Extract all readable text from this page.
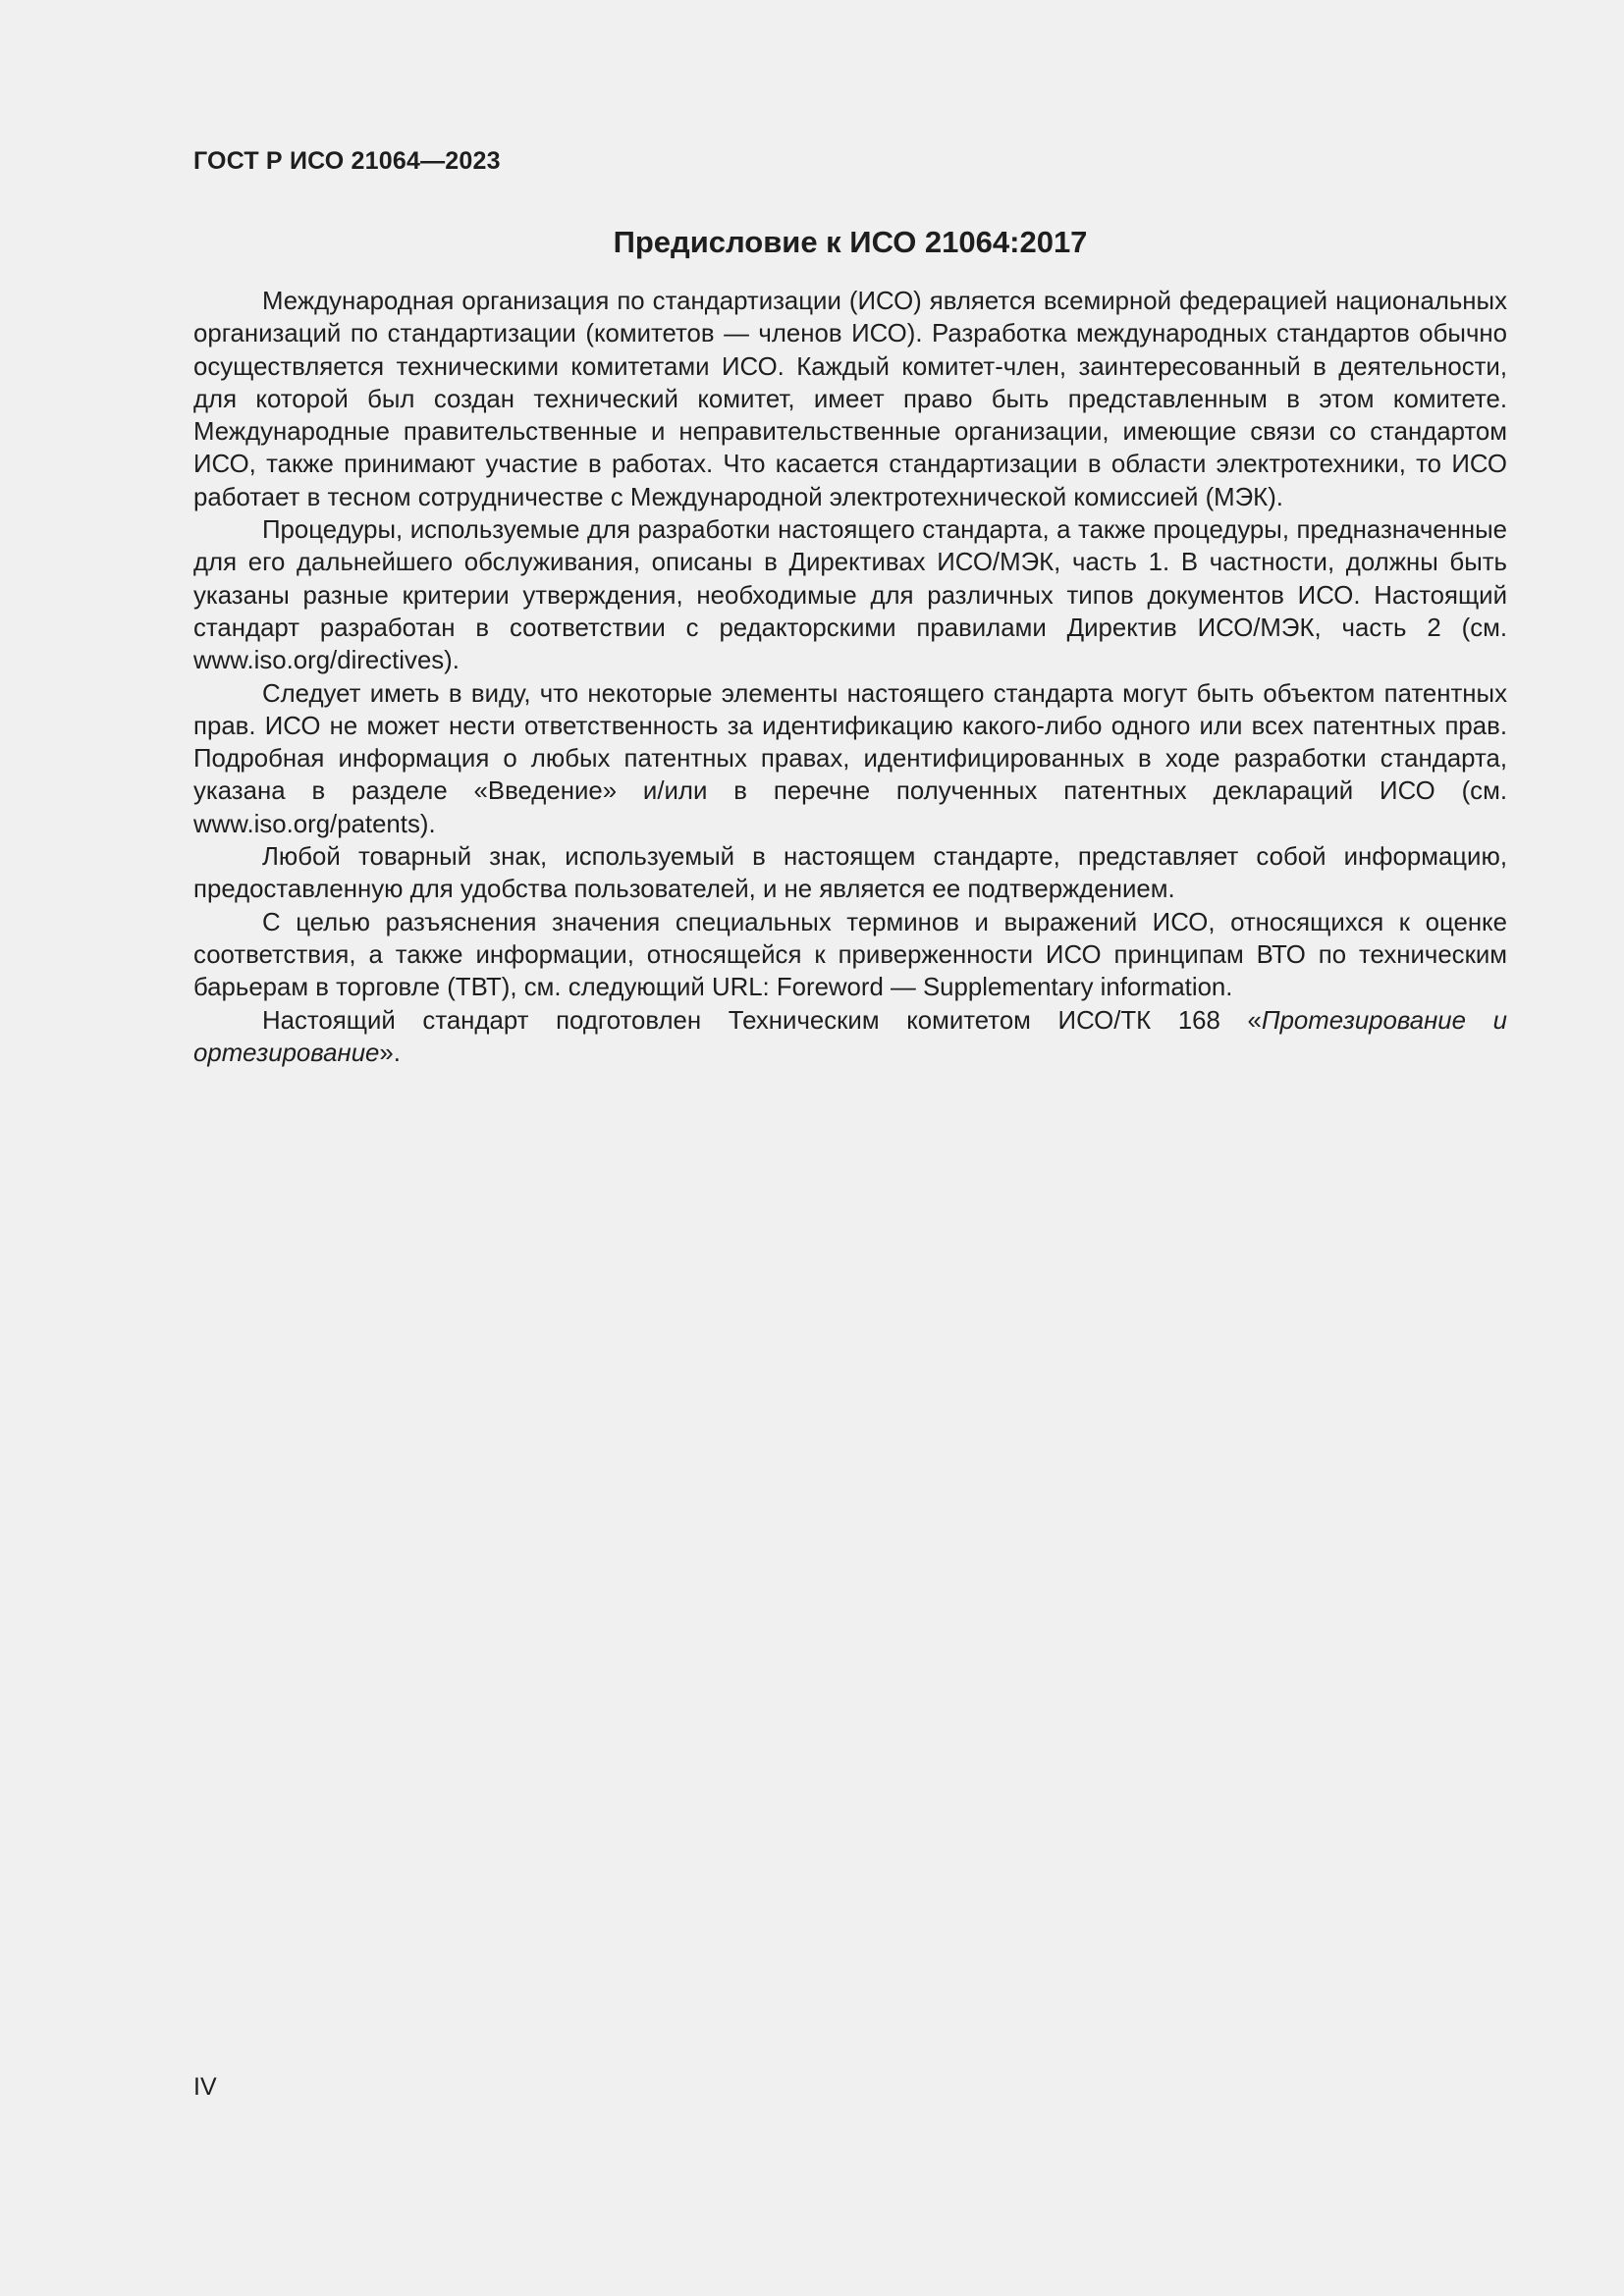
ГОСТ Р ИСО 21064—2023
Предисловие к ИСО 21064:2017

Международная организация по стандартизации (ИСО) является всемирной федерацией национальных организаций по стандартизации (комитетов — членов ИСО). Разработка международных стандартов обычно осуществляется техническими комитетами ИСО. Каждый комитет-член, заинтересованный в деятельности, для которой был создан технический комитет, имеет право быть представленным в этом комитете. Международные правительственные и неправительственные организации, имеющие связи со стандартом ИСО, также принимают участие в работах. Что касается стандартизации в области электротехники, то ИСО работает в тесном сотрудничестве с Международной электротехнической комиссией (МЭК).

Процедуры, используемые для разработки настоящего стандарта, а также процедуры, предназначенные для его дальнейшего обслуживания, описаны в Директивах ИСО/МЭК, часть 1. В частности, должны быть указаны разные критерии утверждения, необходимые для различных типов документов ИСО. Настоящий стандарт разработан в соответствии с редакторскими правилами Директив ИСО/МЭК, часть 2 (см. www.iso.org/directives).

Следует иметь в виду, что некоторые элементы настоящего стандарта могут быть объектом патентных прав. ИСО не может нести ответственность за идентификацию какого-либо одного или всех патентных прав. Подробная информация о любых патентных правах, идентифицированных в ходе разработки стандарта, указана в разделе «Введение» и/или в перечне полученных патентных деклараций ИСО (см. www.iso.org/patents).

Любой товарный знак, используемый в настоящем стандарте, представляет собой информацию, предоставленную для удобства пользователей, и не является ее подтверждением.

С целью разъяснения значения специальных терминов и выражений ИСО, относящихся к оценке соответствия, а также информации, относящейся к приверженности ИСО принципам ВТО по техническим барьерам в торговле (ТВТ), см. следующий URL: Foreword — Supplementary information.

Настоящий стандарт подготовлен Техническим комитетом ИСО/ТК 168 «Протезирование и ортезирование».

IV
